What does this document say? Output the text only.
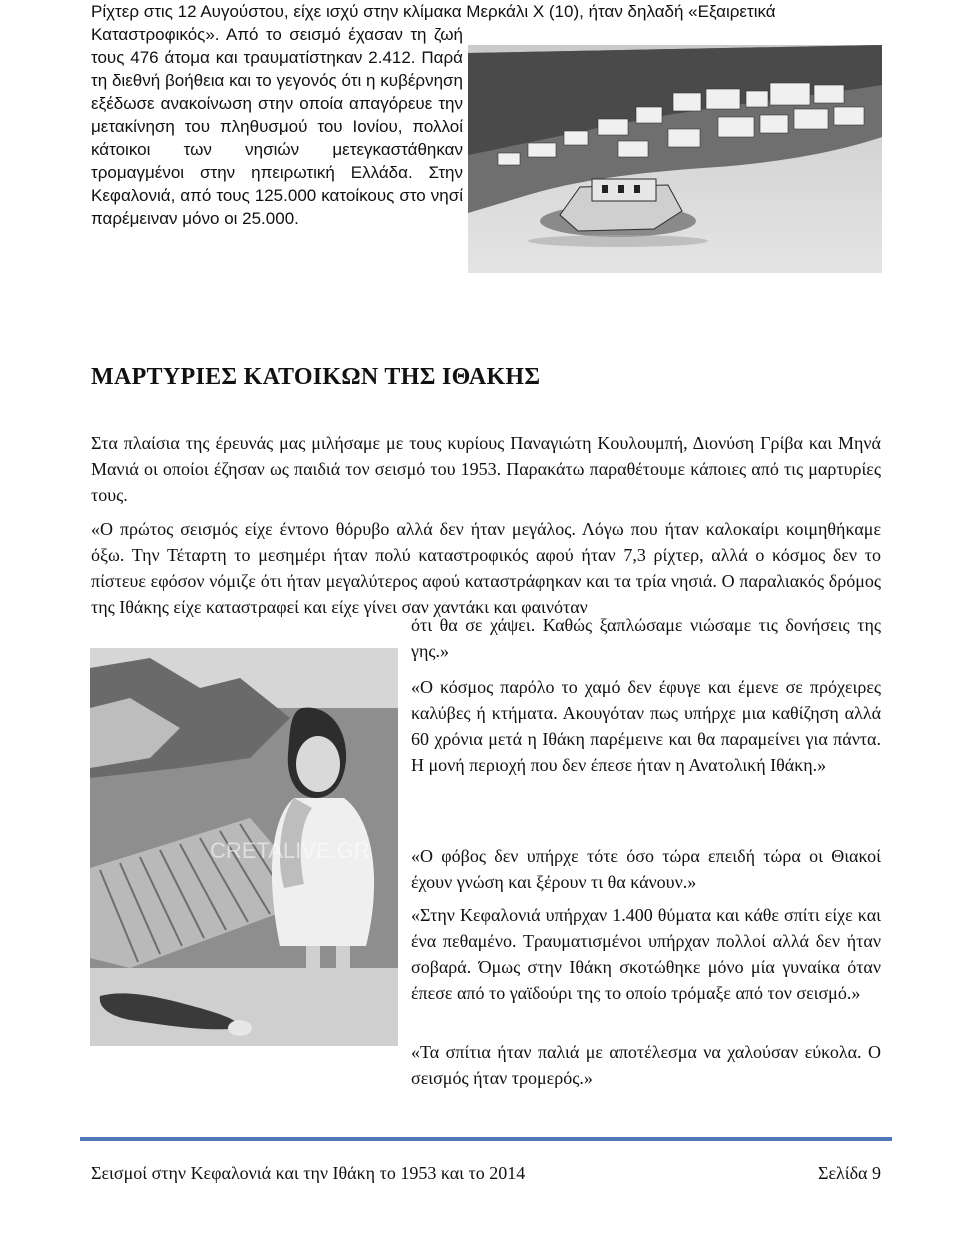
Ρίχτερ στις 12 Αυγούστου, είχε ισχύ στην κλίμακα Μερκάλι Χ (10), ήταν δηλαδή «Εξαιρετικά
Καταστροφικός». Από το σεισμό έχασαν τη ζωή τους 476 άτομα και τραυματίστηκαν 2.412. Παρά τη διεθνή βοήθεια και το γεγονός ότι η κυβέρνηση εξέδωσε ανακοίνωση στην οποία απαγόρευε την μετακίνηση του πληθυσμού του Ιονίου, πολλοί κάτοικοι των νησιών μετεγκαστάθηκαν τρομαγμένοι στην ηπειρωτική Ελλάδα. Στην Κεφαλονιά, από τους 125.000 κατοίκους στο νησί παρέμειναν μόνο οι 25.000.
ΜΑΡΤΥΡΙΕΣ ΚΑΤΟΙΚΩΝ ΤΗΣ ΙΘΑΚΗΣ

Στα πλαίσια της έρευνάς μας μιλήσαμε με τους κυρίους Παναγιώτη Κουλουμπή, Διονύση Γρίβα και Μηνά Μανιά οι οποίοι έζησαν ως παιδιά τον σεισμό του 1953. Παρακάτω παραθέτουμε κάποιες από τις μαρτυρίες τους.

«Ο πρώτος σεισμός είχε έντονο θόρυβο αλλά δεν ήταν μεγάλος. Λόγω που ήταν καλοκαίρι κοιμηθήκαμε όξω. Την Τέταρτη το μεσημέρι ήταν πολύ καταστροφικός αφού ήταν 7,3 ρίχτερ, αλλά ο κόσμος δεν το πίστευε εφόσον νόμιζε ότι ήταν μεγαλύτερος αφού καταστράφηκαν και τα τρία νησιά. Ο παραλιακός δρόμος της Ιθάκης είχε καταστραφεί και είχε γίνει σαν χαντάκι και φαινόταν

ότι θα σε χάψει. Καθώς ξαπλώσαμε νιώσαμε τις δονήσεις της γης.»

CRETALIVE.GR

«Ο κόσμος παρόλο το χαμό δεν έφυγε και έμενε σε πρόχειρες καλύβες ή κτήματα. Ακουγόταν πως υπήρχε μια καθίζηση αλλά 60 χρόνια μετά η Ιθάκη παρέμεινε και θα παραμείνει για πάντα. Η μονή περιοχή που δεν έπεσε ήταν η Ανατολική Ιθάκη.»

«Ο φόβος δεν υπήρχε τότε όσο τώρα επειδή τώρα οι Θιακοί έχουν γνώση και ξέρουν τι θα κάνουν.»

«Στην Κεφαλονιά υπήρχαν 1.400 θύματα και κάθε σπίτι είχε και ένα πεθαμένο. Τραυματισμένοι υπήρχαν πολλοί αλλά δεν ήταν σοβαρά. Όμως στην Ιθάκη σκοτώθηκε μόνο μία γυναίκα όταν έπεσε από το γαϊδούρι της το οποίο τρόμαξε από τον σεισμό.»

«Τα σπίτια ήταν παλιά με αποτέλεσμα να χαλούσαν εύκολα. Ο σεισμός ήταν τρομερός.»

Σεισμοί στην Κεφαλονιά και την Ιθάκη το 1953 και το 2014	Σελίδα 9
